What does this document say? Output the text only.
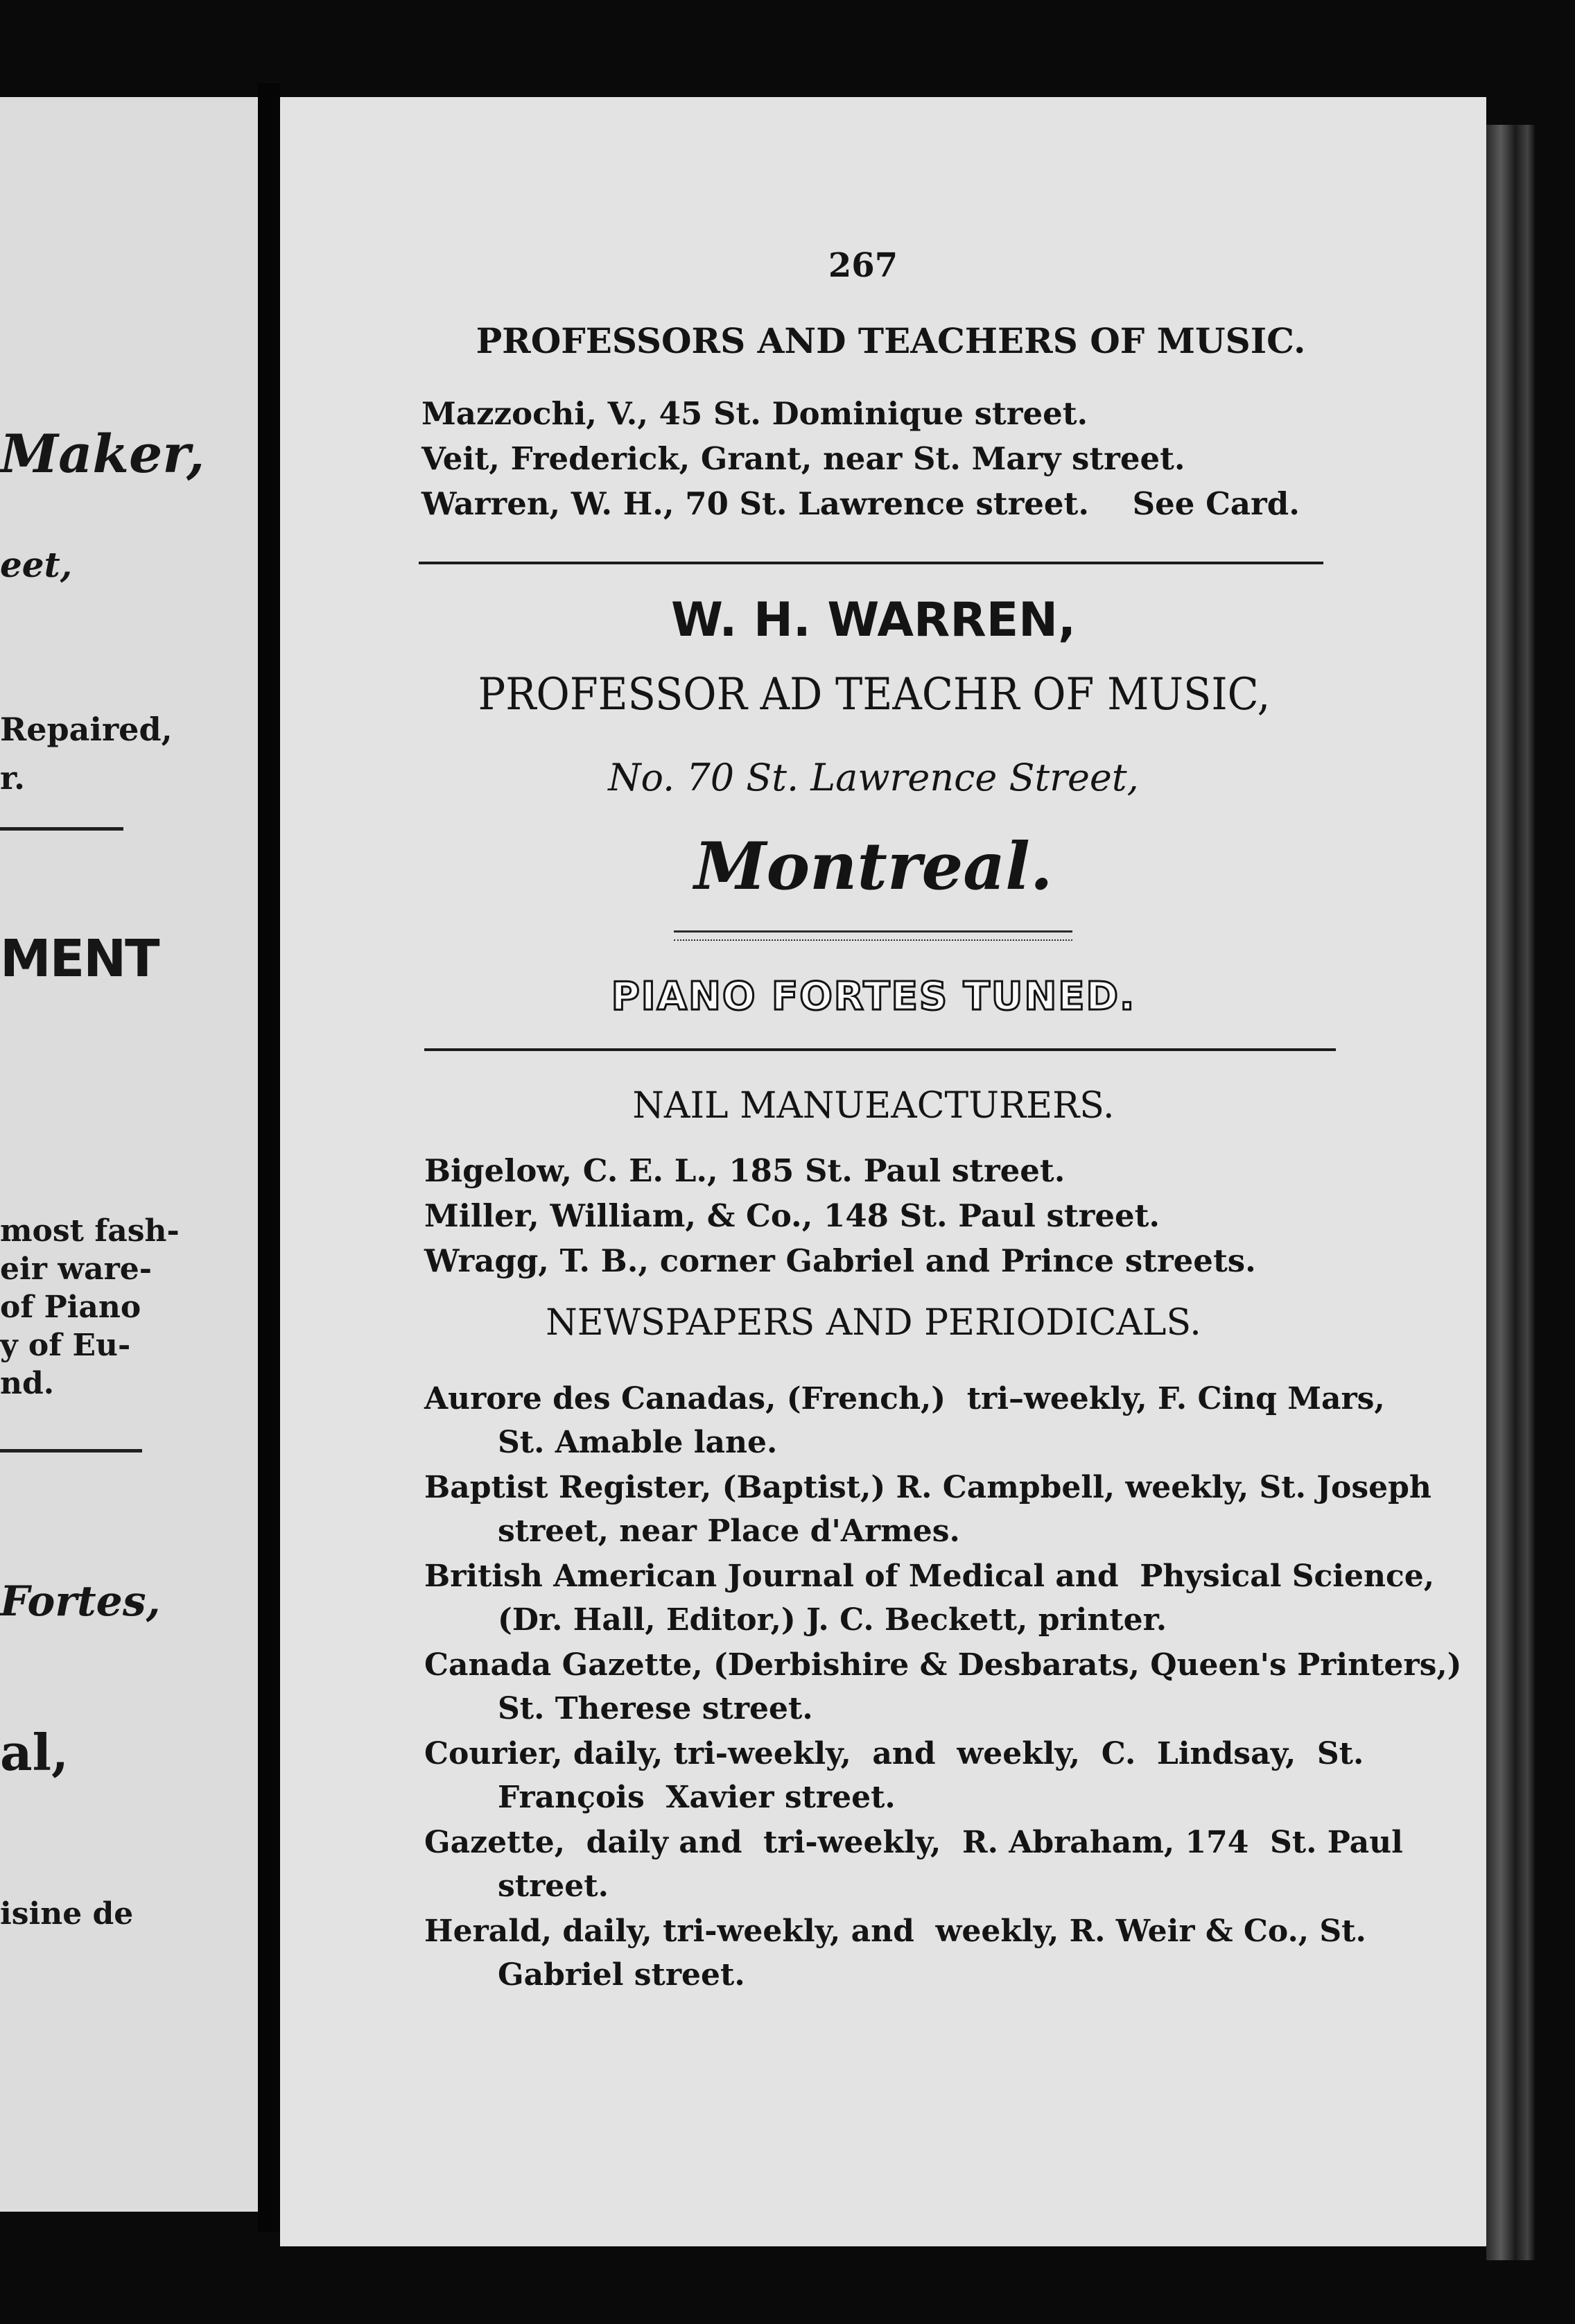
Maker,
eet,
Repaired,
r.
MENT
most fash-
eir ware-
of Piano
y of Eu-
nd.
Fortes,
al,
isine de
267
PROFESSORS AND TEACHERS OF MUSIC.
Mazzochi, V., 45 St. Dominique street.
Veit, Frederick, Grant, near St. Mary street.
Warren, W. H., 70 St. Lawrence street.    See Card.
W. H. WARREN,
PROFESSOR AD TEACHR OF MUSIC,
No. 70 St. Lawrence Street,
Montreal.
PIANO FORTES TUNED.
NAIL MANUEACTURERS.
Bigelow, C. E. L., 185 St. Paul street.
Miller, William, & Co., 148 St. Paul street.
Wragg, T. B., corner Gabriel and Prince streets.
NEWSPAPERS AND PERIODICALS.
Aurore des Canadas, (French,)  tri–weekly, F. Cinq Mars,
St. Amable lane.
Baptist Register, (Baptist,) R. Campbell, weekly, St. Joseph
street, near Place d'Armes.
British American Journal of Medical and  Physical Science,
(Dr. Hall, Editor,) J. C. Beckett, printer.
Canada Gazette, (Derbishire & Desbarats, Queen's Printers,)
St. Therese street.
Courier, daily, tri-weekly,  and  weekly,  C.  Lindsay,  St.
François  Xavier street.
Gazette,  daily and  tri-weekly,  R. Abraham, 174  St. Paul
street.
Herald, daily, tri-weekly, and  weekly, R. Weir & Co., St.
Gabriel street.
